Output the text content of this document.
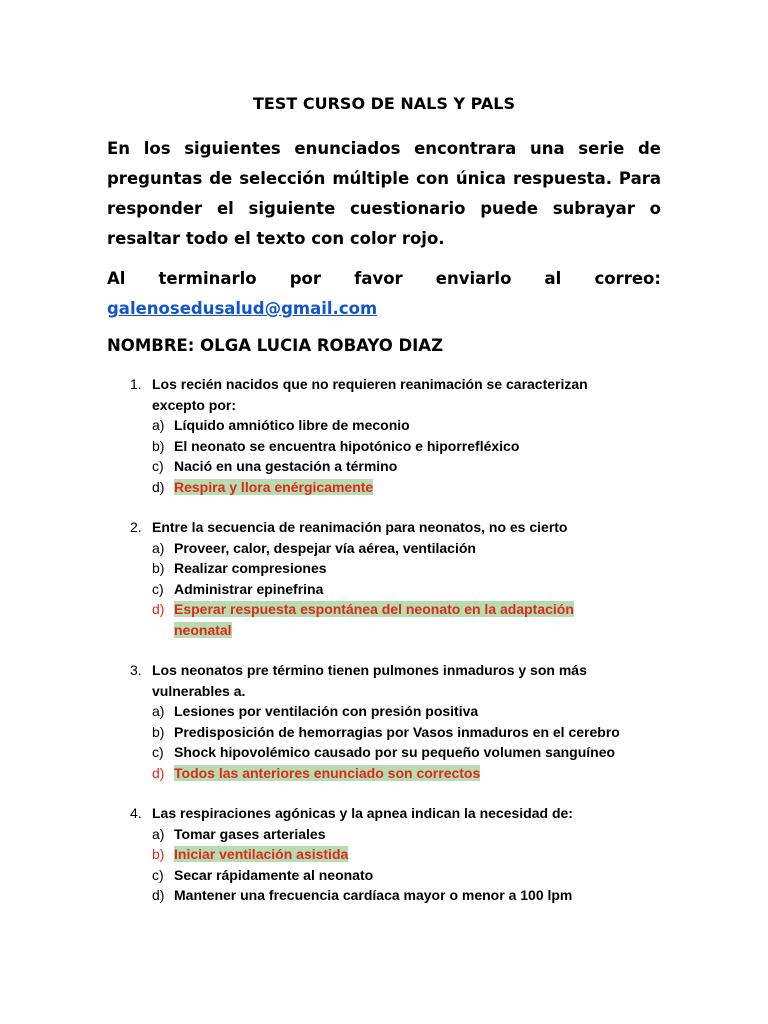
TEST CURSO DE NALS Y PALS
En los siguientes enunciados encontrara una serie de preguntas de selección múltiple con única respuesta. Para responder el siguiente cuestionario puede subrayar o resaltar todo el texto con color rojo.
Al terminarlo por favor enviarlo al correo:
galenosedusalud@gmail.com
NOMBRE: OLGA LUCIA ROBAYO DIAZ
1. Los recién nacidos que no requieren reanimación se caracterizan excepto por:
a) Líquido amniótico libre de meconio
b) El neonato se encuentra hipotónico e hiporrefléxico
c) Nació en una gestación a término
d) Respira y llora enérgicamente
2. Entre la secuencia de reanimación para neonatos, no es cierto
a) Proveer, calor, despejar vía aérea, ventilación
b) Realizar compresiones
c) Administrar epinefrina
d) Esperar respuesta espontánea del neonato en la adaptación neonatal
3. Los neonatos pre término tienen pulmones inmaduros y son más vulnerables a.
a) Lesiones por ventilación con presión positiva
b) Predisposición de hemorragias por Vasos inmaduros en el cerebro
c) Shock hipovolémico causado por su pequeño volumen sanguíneo
d) Todos las anteriores enunciado son correctos
4. Las respiraciones agónicas y la apnea indican la necesidad de:
a) Tomar gases arteriales
b) Iniciar ventilación asistida
c) Secar rápidamente al neonato
d) Mantener una frecuencia cardíaca mayor o menor a 100 lpm
